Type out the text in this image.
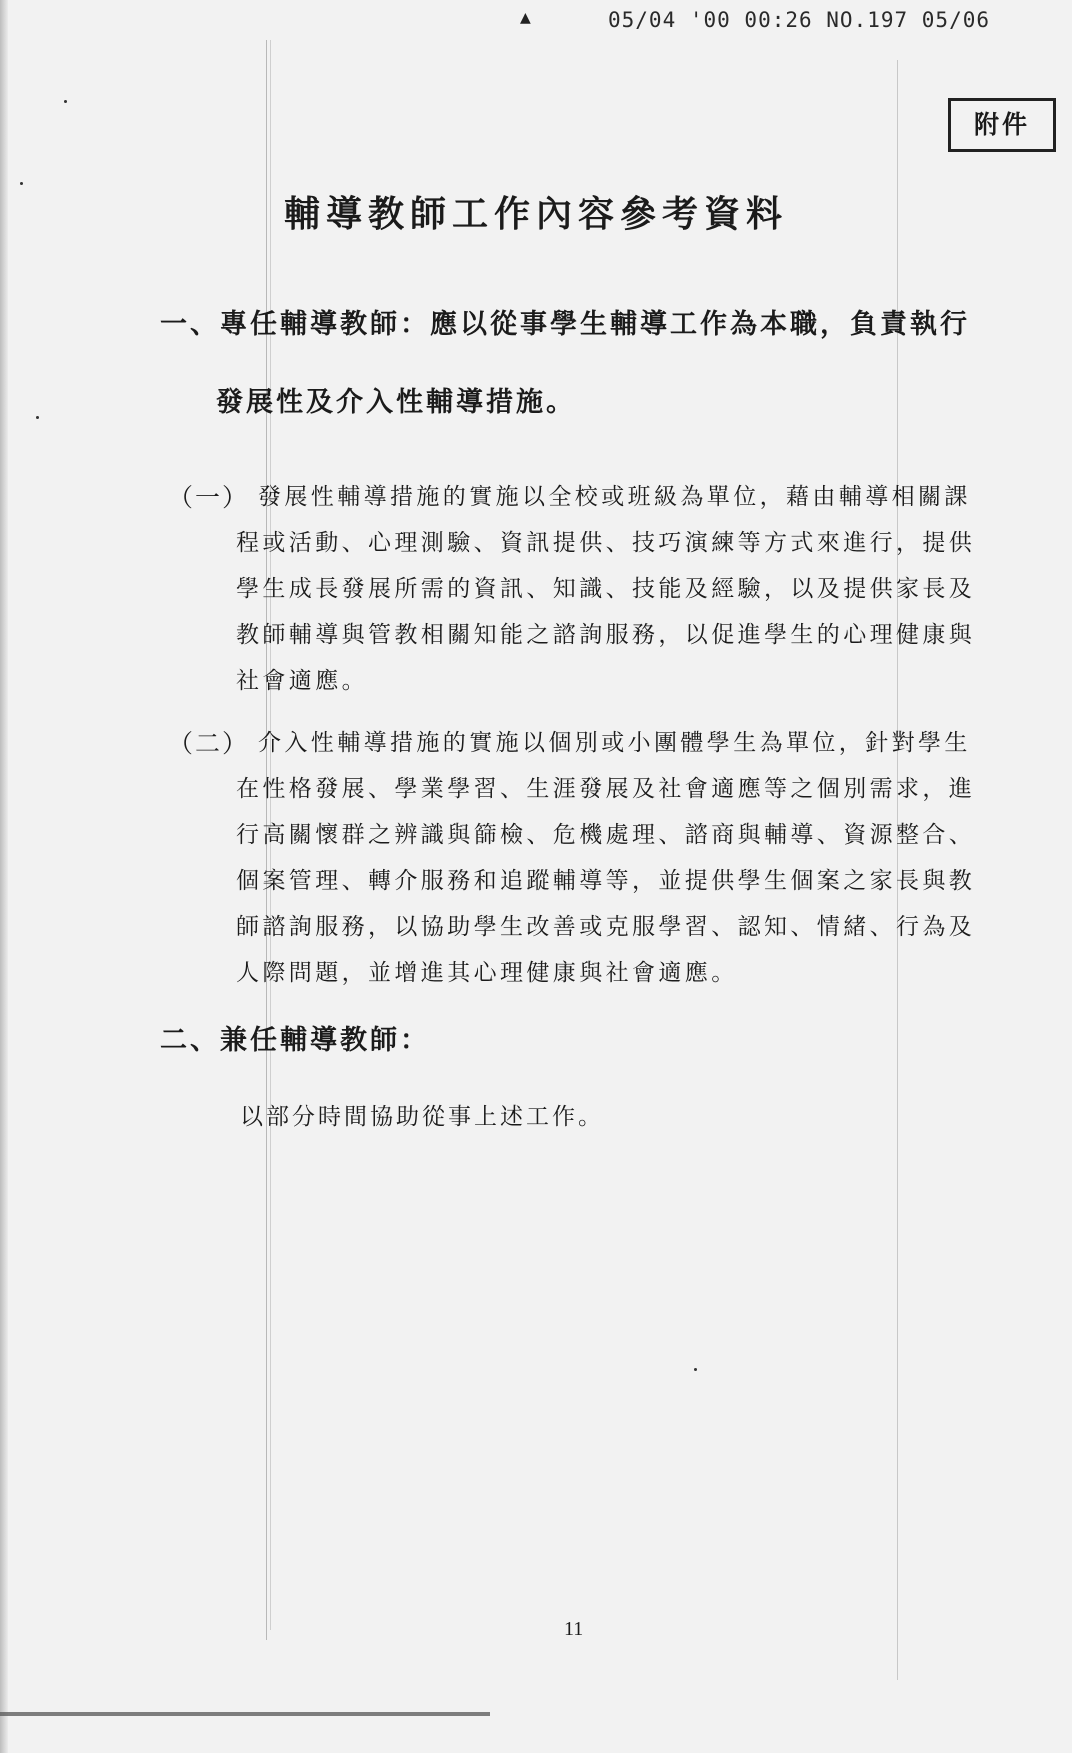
▲	05/04 '00 00:26 NO.197 05/06
附件
輔導教師工作內容參考資料
一、專任輔導教師：應以從事學生輔導工作為本職，負責執行
發展性及介入性輔導措施。
（一） 發展性輔導措施的實施以全校或班級為單位，藉由輔導相關課
程或活動、心理測驗、資訊提供、技巧演練等方式來進行，提供
學生成長發展所需的資訊、知識、技能及經驗，以及提供家長及
教師輔導與管教相關知能之諮詢服務，以促進學生的心理健康與
社會適應。
（二） 介入性輔導措施的實施以個別或小團體學生為單位，針對學生
在性格發展、學業學習、生涯發展及社會適應等之個別需求，進
行高關懷群之辨識與篩檢、危機處理、諮商與輔導、資源整合、
個案管理、轉介服務和追蹤輔導等，並提供學生個案之家長與教
師諮詢服務，以協助學生改善或克服學習、認知、情緒、行為及
人際問題，並增進其心理健康與社會適應。
二、兼任輔導教師：
以部分時間協助從事上述工作。
11
